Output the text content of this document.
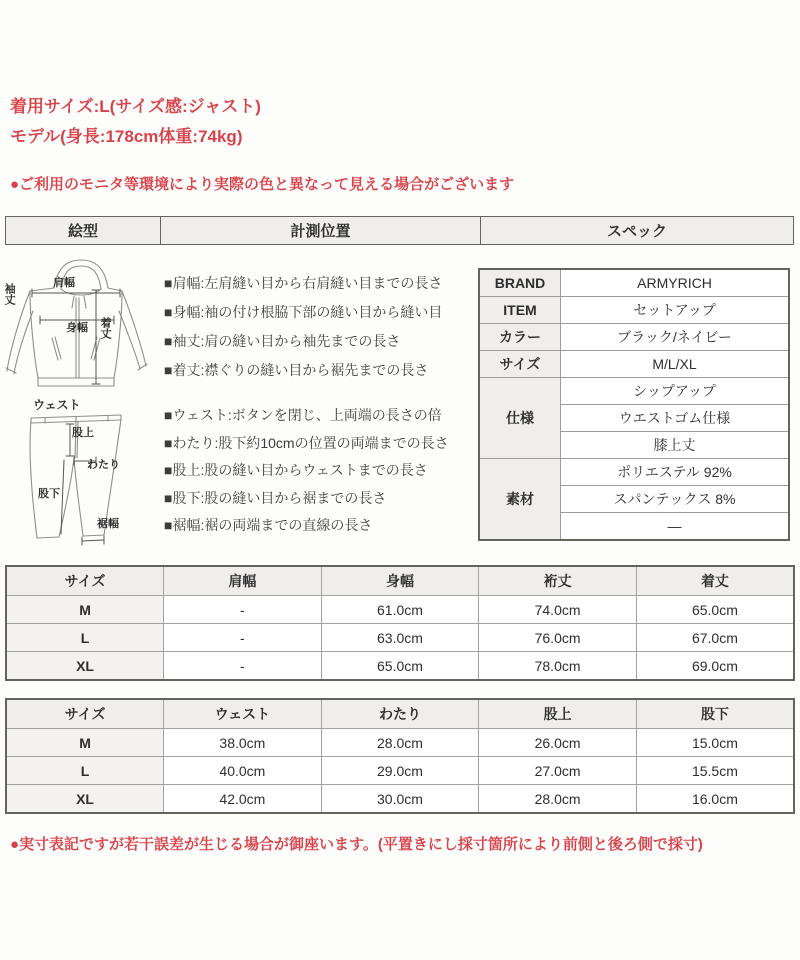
着用サイズ:L(サイズ感:ジャスト)
モデル(身長:178cm体重:74kg)
●ご利用のモニタ等環境により実際の色と異なって見える場合がございます
絵型	計測位置	スペック
肩幅
袖丈
身幅 着丈
ウェスト
股上
わたり
股下
裾幅
■肩幅:左肩縫い目から右肩縫い目までの長さ
■身幅:袖の付け根脇下部の縫い目から縫い目
■袖丈:肩の縫い目から袖先までの長さ
■着丈:襟ぐりの縫い目から裾先までの長さ
■ウェスト:ボタンを閉じ、上両端の長さの倍
■わたり:股下約10cmの位置の両端までの長さ
■股上:股の縫い目からウェストまでの長さ
■股下:股の縫い目から裾までの長さ
■裾幅:裾の両端までの直線の長さ
BRAND	ARMYRICH
ITEM	セットアップ
カラー	ブラック/ネイビー
サイズ	M/L/XL
仕様	シップアップ
	ウエストゴム仕様
	膝上丈
素材	ポリエステル 92%
	スパンテックス 8%
	—
サイズ	肩幅	身幅	裄丈	着丈
M	-	61.0cm	74.0cm	65.0cm
L	-	63.0cm	76.0cm	67.0cm
XL	-	65.0cm	78.0cm	69.0cm
サイズ	ウェスト	わたり	股上	股下
M	38.0cm	28.0cm	26.0cm	15.0cm
L	40.0cm	29.0cm	27.0cm	15.5cm
XL	42.0cm	30.0cm	28.0cm	16.0cm
●実寸表記ですが若干誤差が生じる場合が御座います。(平置きにし採寸箇所により前側と後ろ側で採寸)
